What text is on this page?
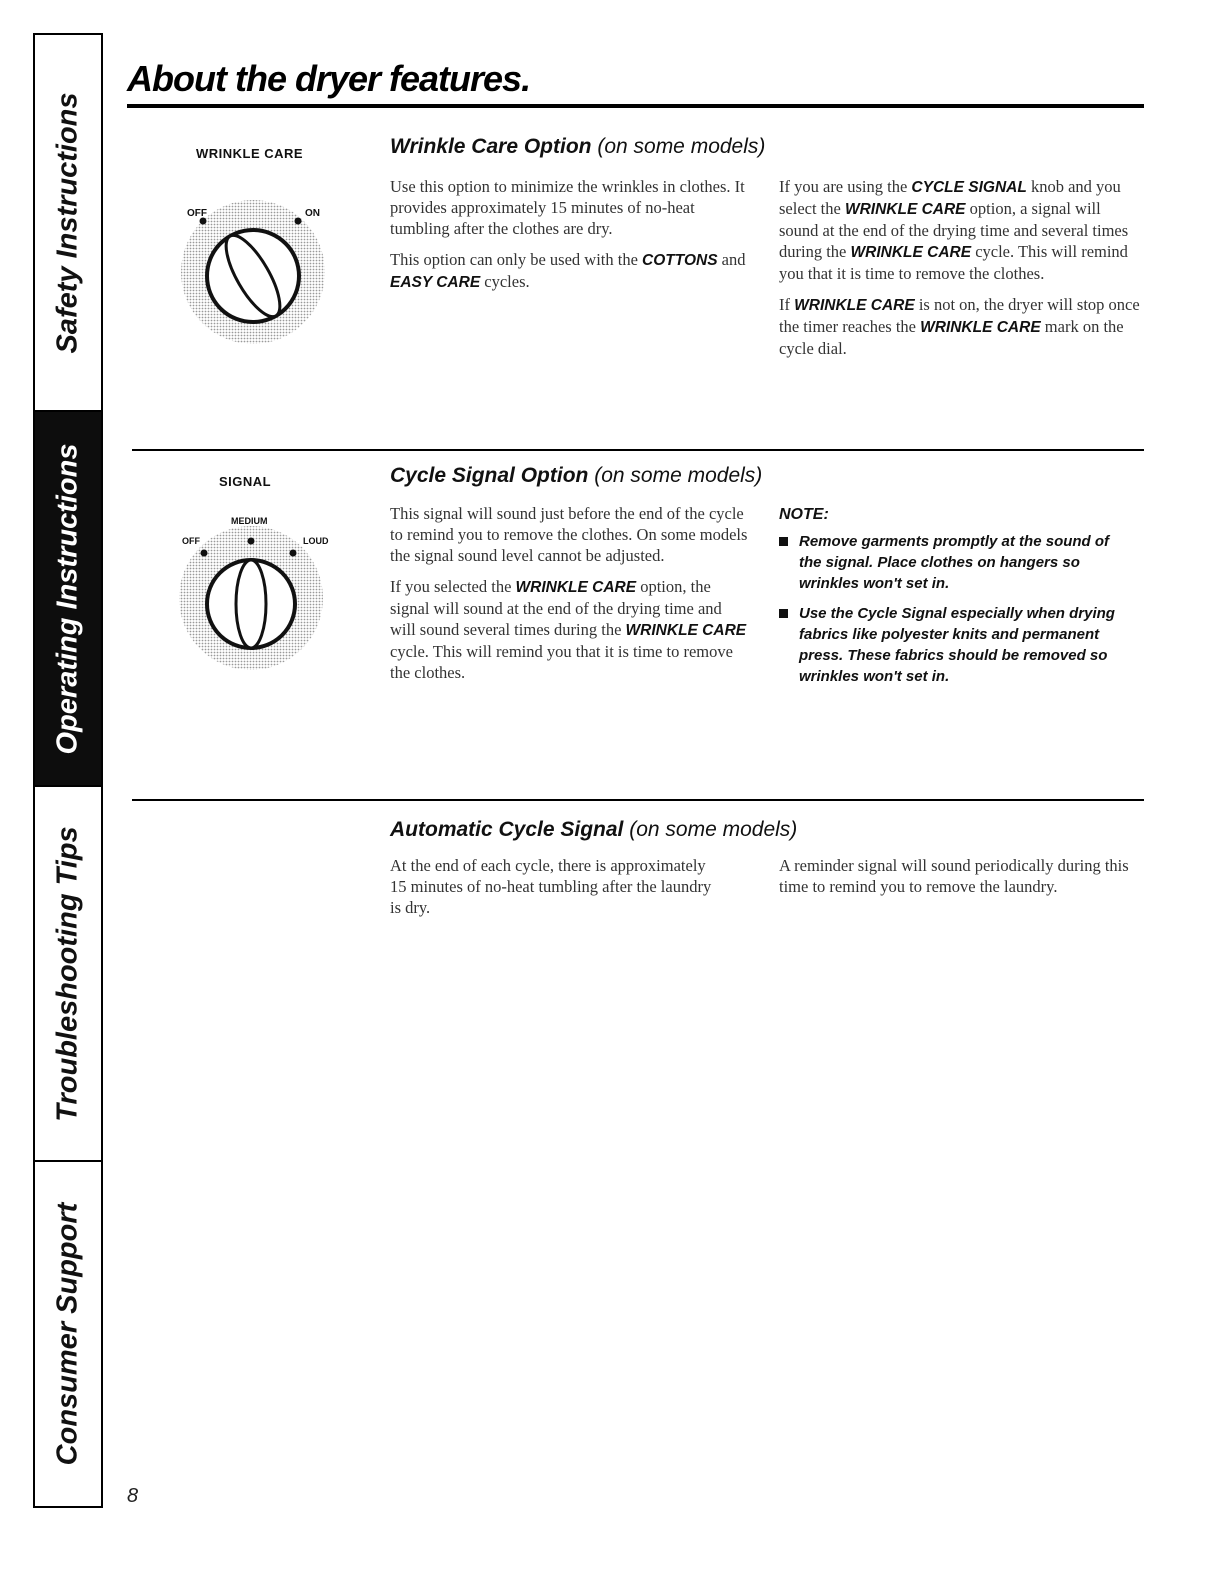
Safety Instructions
Operating Instructions
Troubleshooting Tips
Consumer Support
About the dryer features.
WRINKLE CARE
OFF	ON
Wrinkle Care Option (on some models)

Use this option to minimize the wrinkles in clothes. It provides approximately 15 minutes of no-heat tumbling after the clothes are dry.

This option can only be used with the COTTONS and EASY CARE cycles.

If you are using the CYCLE SIGNAL knob and you select the WRINKLE CARE option, a signal will sound at the end of the drying time and several times during the WRINKLE CARE cycle. This will remind you that it is time to remove the clothes.

If WRINKLE CARE is not on, the dryer will stop once the timer reaches the WRINKLE CARE mark on the cycle dial.

SIGNAL
MEDIUM
OFF	LOUD
Cycle Signal Option (on some models)

This signal will sound just before the end of the cycle to remind you to remove the clothes. On some models the signal sound level cannot be adjusted.

If you selected the WRINKLE CARE option, the signal will sound at the end of the drying time and will sound several times during the WRINKLE CARE cycle. This will remind you that it is time to remove the clothes.

NOTE:
Remove garments promptly at the sound of the signal. Place clothes on hangers so wrinkles won't set in.
Use the Cycle Signal especially when drying fabrics like polyester knits and permanent press. These fabrics should be removed so wrinkles won't set in.
Automatic Cycle Signal (on some models)

At the end of each cycle, there is approximately 15 minutes of no-heat tumbling after the laundry is dry.

A reminder signal will sound periodically during this time to remind you to remove the laundry.

8
